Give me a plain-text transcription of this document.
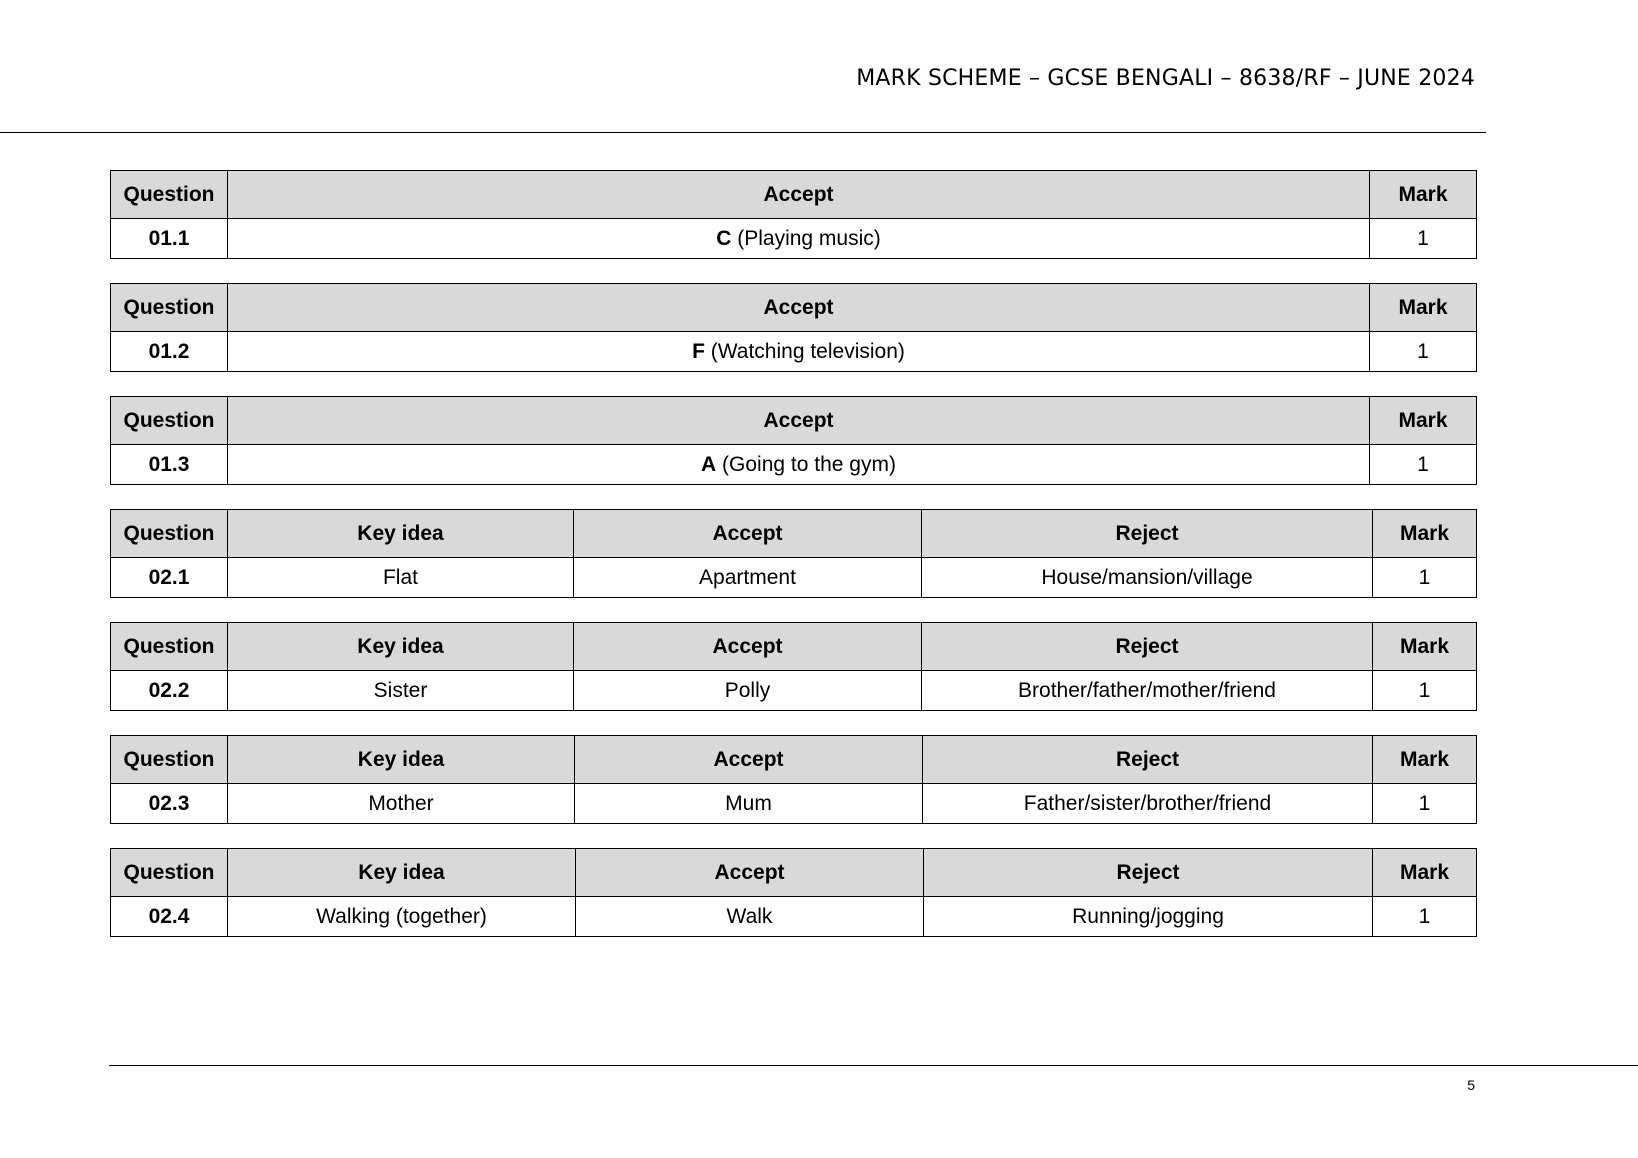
MARK SCHEME – GCSE BENGALI – 8638/RF – JUNE 2024
Question	Accept	Mark
01.1	C (Playing music)	1
Question	Accept	Mark
01.2	F (Watching television)	1
Question	Accept	Mark
01.3	A (Going to the gym)	1
Question	Key idea	Accept	Reject	Mark
02.1	Flat	Apartment	House/mansion/village	1
Question	Key idea	Accept	Reject	Mark
02.2	Sister	Polly	Brother/father/mother/friend	1
Question	Key idea	Accept	Reject	Mark
02.3	Mother	Mum	Father/sister/brother/friend	1
Question	Key idea	Accept	Reject	Mark
02.4	Walking (together)	Walk	Running/jogging	1
5
